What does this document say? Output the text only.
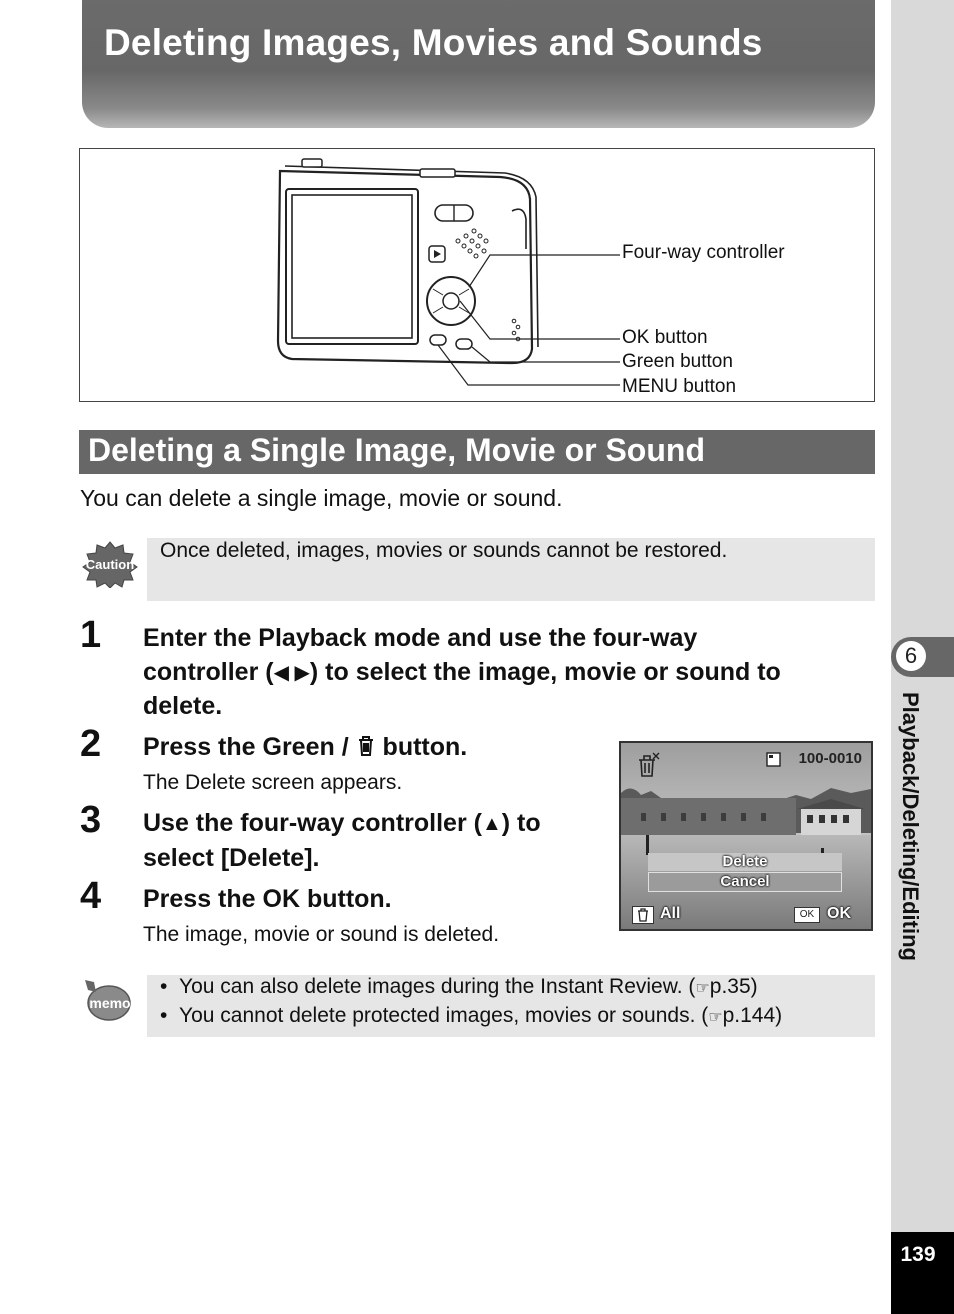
Deleting Images, Movies and Sounds
6
Playback/Deleting/Editing
139
Four-way controller
OK button
Green button
MENU button
Deleting a Single Image, Movie or Sound
You can delete a single image, movie or sound.
Caution
Once deleted, images, movies or sounds cannot be restored.
1 Enter the Playback mode and use the four-way
controller (◀ ▶) to select the image, movie or sound to
delete.
2 Press the Green /  button.
The Delete screen appears.
3 Use the four-way controller (▲) to
select [Delete].
4 Press the OK button.
The image, movie or sound is deleted.
100-0010
Delete
Cancel
All	OK OK
memo
• You can also delete images during the Instant Review. (☞p.35)
• You cannot delete protected images, movies or sounds. (☞p.144)
